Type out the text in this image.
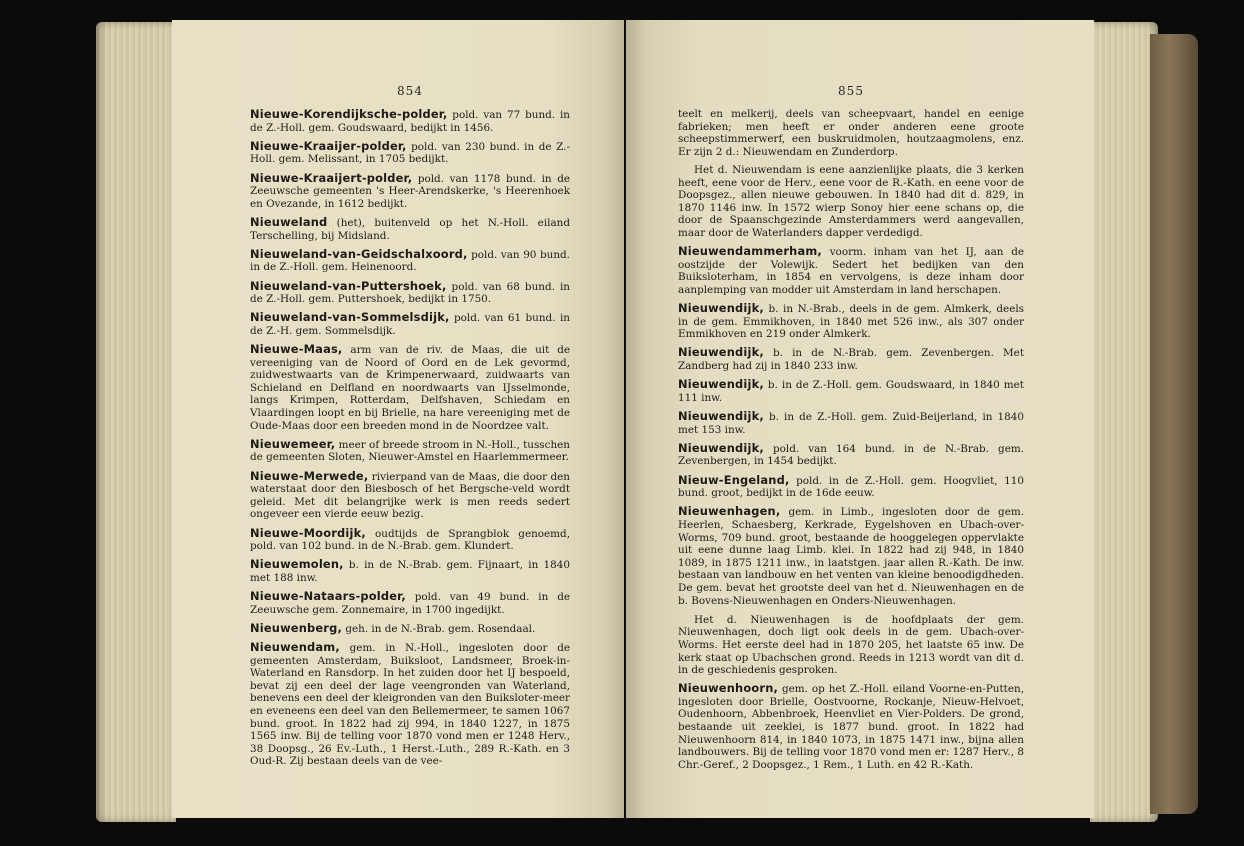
854

Nieuwe-Korendijksche-polder, pold. van 77 bund. in de Z.-Holl. gem. Goudswaard, bedijkt in 1456.

Nieuwe-Kraaijer-polder, pold. van 230 bund. in de Z.-Holl. gem. Melissant, in 1705 bedijkt.

Nieuwe-Kraaijert-polder, pold. van 1178 bund. in de Zeeuwsche gemeenten 's Heer-Arendskerke, 's Heerenhoek en Ovezande, in 1612 bedijkt.

Nieuweland (het), buitenveld op het N.-Holl. eiland Terschelling, bij Midsland.

Nieuweland-van-Geidschalxoord, pold. van 90 bund. in de Z.-Holl. gem. Heinenoord.

Nieuweland-van-Puttershoek, pold. van 68 bund. in de Z.-Holl. gem. Puttershoek, bedijkt in 1750.

Nieuweland-van-Sommelsdijk, pold. van 61 bund. in de Z.-H. gem. Sommelsdijk.

Nieuwe-Maas, arm van de riv. de Maas, die uit de vereeniging van de Noord of Oord en de Lek gevormd, zuidwestwaarts van de Krimpenerwaard, zuidwaarts van Schieland en Delfland en noordwaarts van IJsselmonde, langs Krimpen, Rotterdam, Delfshaven, Schiedam en Vlaardingen loopt en bij Brielle, na hare vereeniging met de Oude-Maas door een breeden mond in de Noordzee valt.

Nieuwemeer, meer of breede stroom in N.-Holl., tusschen de gemeenten Sloten, Nieuwer-Amstel en Haarlemmermeer.

Nieuwe-Merwede, rivierpand van de Maas, die door den waterstaat door den Biesbosch of het Bergsche-veld wordt geleid. Met dit belangrijke werk is men reeds sedert ongeveer een vierde eeuw bezig.

Nieuwe-Moordijk, oudtijds de Sprangblok genoemd, pold. van 102 bund. in de N.-Brab. gem. Klundert.

Nieuwemolen, b. in de N.-Brab. gem. Fijnaart, in 1840 met 188 inw.

Nieuwe-Nataars-polder, pold. van 49 bund. in de Zeeuwsche gem. Zonnemaire, in 1700 ingedijkt.

Nieuwenberg, geh. in de N.-Brab. gem. Rosendaal.

Nieuwendam, gem. in N.-Holl., ingesloten door de gemeenten Amsterdam, Buiksloot, Landsmeer, Broek-in-Waterland en Ransdorp. In het zuiden door het IJ bespoeld, bevat zij een deel der lage veengronden van Waterland, benevens een deel der kleigronden van den Buiksloter-meer en eveneens een deel van den Bellemermeer, te samen 1067 bund. groot. In 1822 had zij 994, in 1840 1227, in 1875 1565 inw. Bij de telling voor 1870 vond men er 1248 Herv., 38 Doopsg., 26 Ev.-Luth., 1 Herst.-Luth., 289 R.-Kath. en 3 Oud-R. Zij bestaan deels van de vee-

855

teelt en melkerij, deels van scheepvaart, handel en eenige fabrieken; men heeft er onder anderen eene groote scheepstimmerwerf, een buskruidmolen, houtzaagmolens, enz. Er zijn 2 d.: Nieuwendam en Zunderdorp.

Het d. Nieuwendam is eene aanzienlijke plaats, die 3 kerken heeft, eene voor de Herv., eene voor de R.-Kath. en eene voor de Doopsgez., allen nieuwe gebouwen. In 1840 had dit d. 829, in 1870 1146 inw. In 1572 wierp Sonoy hier eene schans op, die door de Spaanschgezinde Amsterdammers werd aangevallen, maar door de Waterlanders dapper verdedigd.

Nieuwendammerham, voorm. inham van het IJ, aan de oostzijde der Volewijk. Sedert het bedijken van den Buiksloterham, in 1854 en vervolgens, is deze inham door aanplemping van modder uit Amsterdam in land herschapen.

Nieuwendijk, b. in N.-Brab., deels in de gem. Almkerk, deels in de gem. Emmikhoven, in 1840 met 526 inw., als 307 onder Emmikhoven en 219 onder Almkerk.

Nieuwendijk, b. in de N.-Brab. gem. Zevenbergen. Met Zandberg had zij in 1840 233 inw.

Nieuwendijk, b. in de Z.-Holl. gem. Goudswaard, in 1840 met 111 inw.

Nieuwendijk, b. in de Z.-Holl. gem. Zuid-Beijerland, in 1840 met 153 inw.

Nieuwendijk, pold. van 164 bund. in de N.-Brab. gem. Zevenbergen, in 1454 bedijkt.

Nieuw-Engeland, pold. in de Z.-Holl. gem. Hoogvliet, 110 bund. groot, bedijkt in de 16de eeuw.

Nieuwenhagen, gem. in Limb., ingesloten door de gem. Heerlen, Schaesberg, Kerkrade, Eygelshoven en Ubach-over-Worms, 709 bund. groot, bestaande de hooggelegen oppervlakte uit eene dunne laag Limb. klei. In 1822 had zij 948, in 1840 1089, in 1875 1211 inw., in laatstgen. jaar allen R.-Kath. De inw. bestaan van landbouw en het venten van kleine benoodigdheden. De gem. bevat het grootste deel van het d. Nieuwenhagen en de b. Bovens-Nieuwenhagen en Onders-Nieuwenhagen.

Het d. Nieuwenhagen is de hoofdplaats der gem. Nieuwenhagen, doch ligt ook deels in de gem. Ubach-over-Worms. Het eerste deel had in 1870 205, het laatste 65 inw. De kerk staat op Ubachschen grond. Reeds in 1213 wordt van dit d. in de geschiedenis gesproken.

Nieuwenhoorn, gem. op het Z.-Holl. eiland Voorne-en-Putten, ingesloten door Brielle, Oostvoorne, Rockanje, Nieuw-Helvoet, Oudenhoorn, Abbenbroek, Heenvliet en Vier-Polders. De grond, bestaande uit zeeklei, is 1877 bund. groot. In 1822 had Nieuwenhoorn 814, in 1840 1073, in 1875 1471 inw., bijna allen landbouwers. Bij de telling voor 1870 vond men er: 1287 Herv., 8 Chr.-Geref., 2 Doopsgez., 1 Rem., 1 Luth. en 42 R.-Kath.
